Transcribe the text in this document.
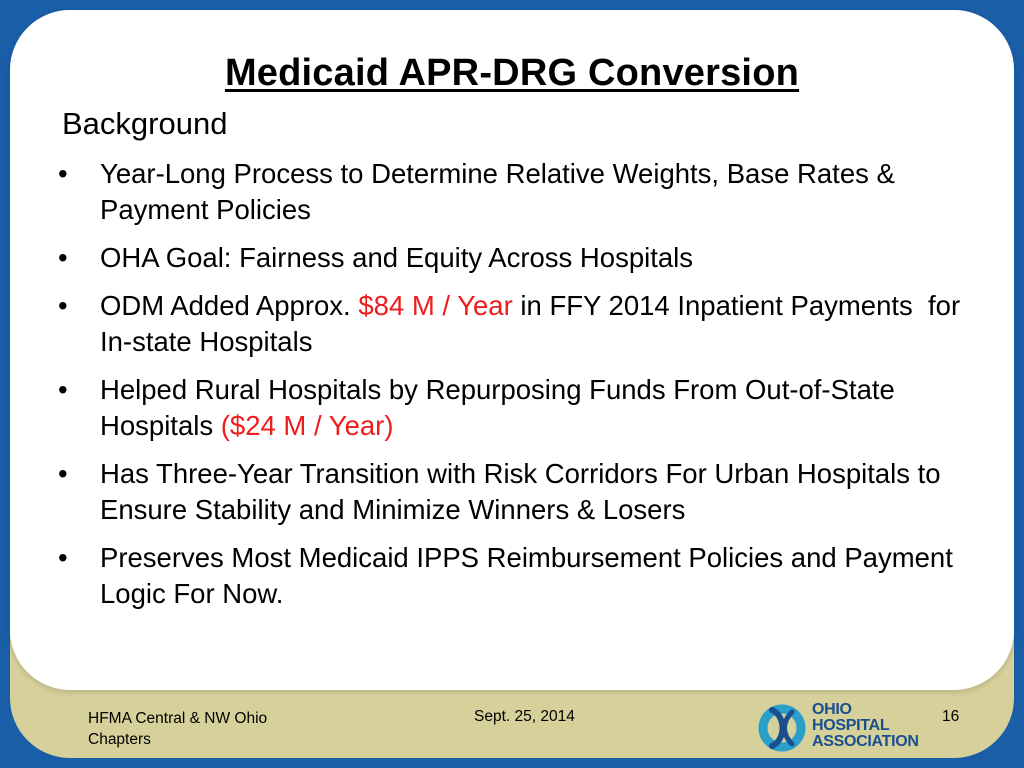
Medicaid APR-DRG Conversion
Background
•	Year-Long Process to Determine Relative Weights, Base Rates & Payment Policies
•	OHA Goal: Fairness and Equity Across Hospitals
•	ODM Added Approx. $84 M / Year in FFY 2014 Inpatient Payments  for In-state Hospitals
•	Helped Rural Hospitals by Repurposing Funds From Out-of-State Hospitals ($24 M / Year)
•	Has Three-Year Transition with Risk Corridors For Urban Hospitals to Ensure Stability and Minimize Winners & Losers
•	Preserves Most Medicaid IPPS Reimbursement Policies and Payment Logic For Now.
HFMA Central & NW Ohio
Chapters
Sept. 25, 2014	16
OHIO
HOSPITAL
ASSOCIATION
